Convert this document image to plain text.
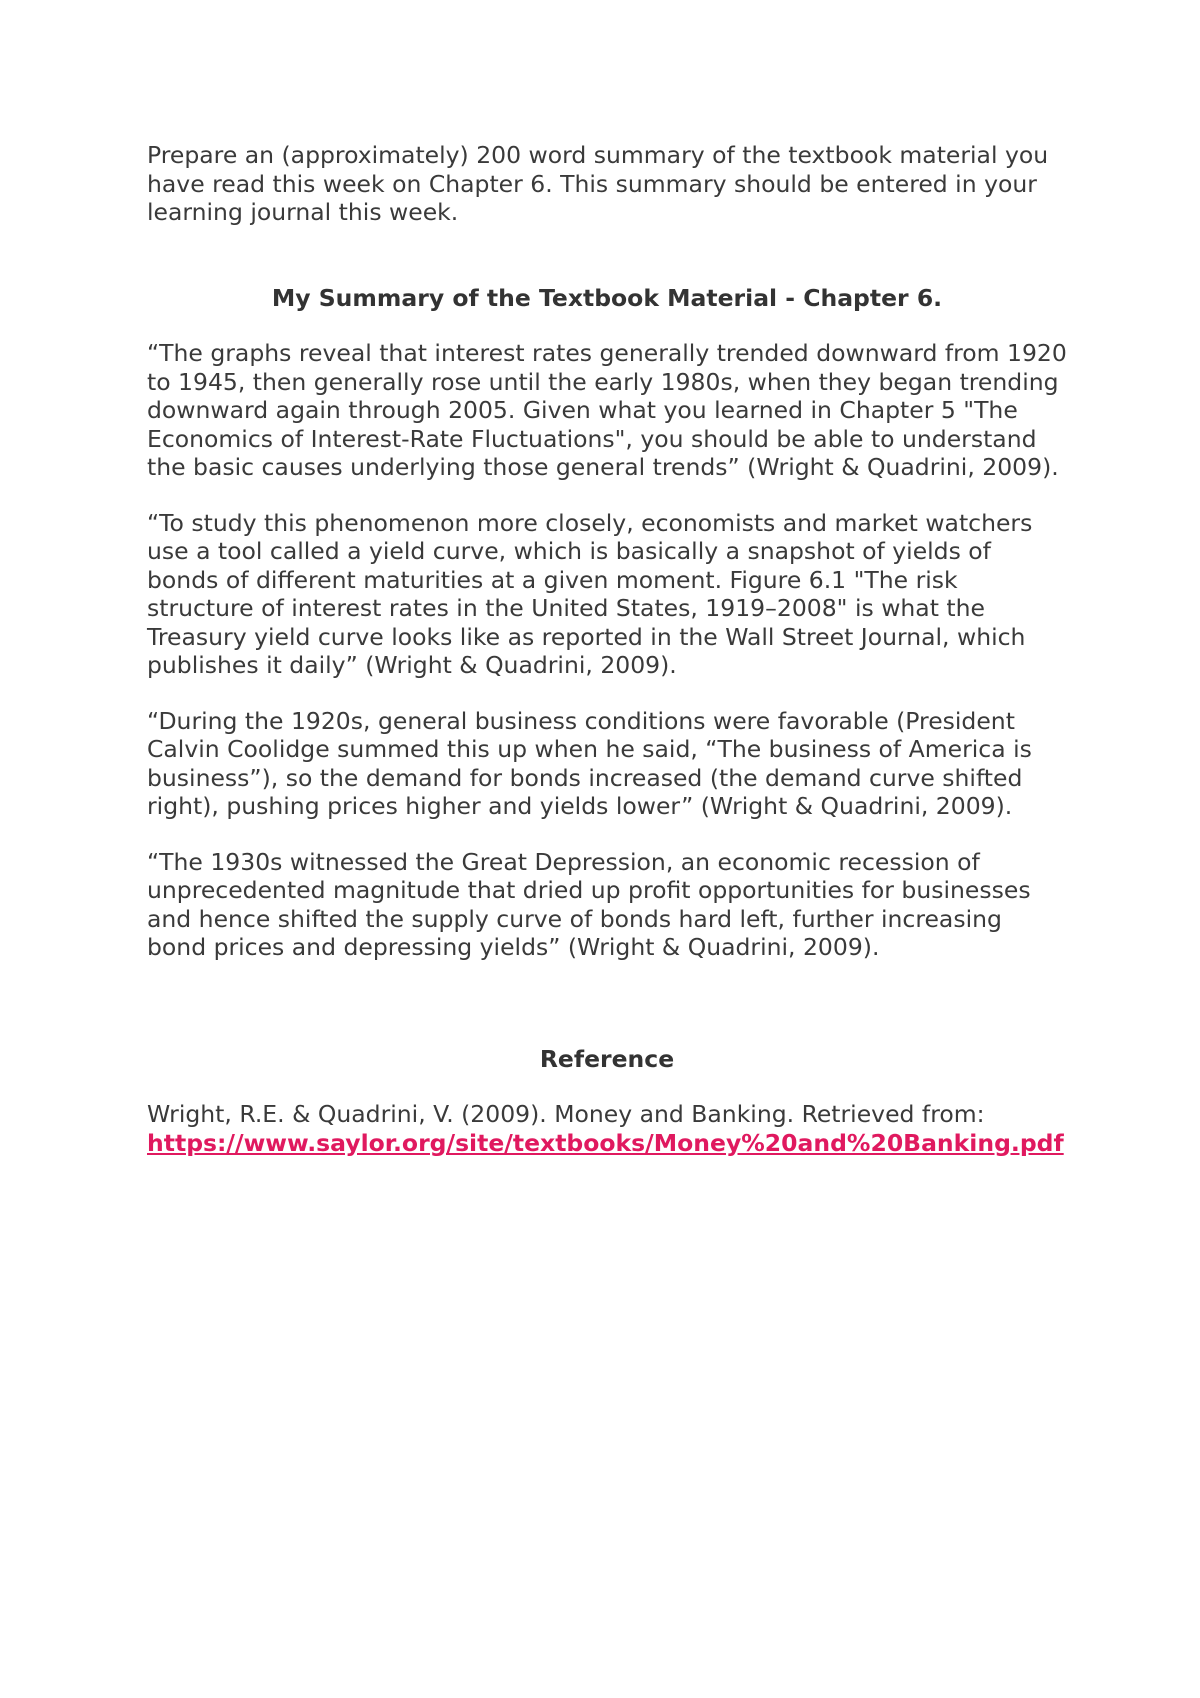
Prepare an (approximately) 200 word summary of the textbook material you have read this week on Chapter 6. This summary should be entered in your learning journal this week.

My Summary of the Textbook Material - Chapter 6.

“The graphs reveal that interest rates generally trended downward from 1920 to 1945, then generally rose until the early 1980s, when they began trending downward again through 2005. Given what you learned in Chapter 5 "The Economics of Interest-Rate Fluctuations", you should be able to understand the basic causes underlying those general trends” (Wright & Quadrini, 2009).

“To study this phenomenon more closely, economists and market watchers use a tool called a yield curve, which is basically a snapshot of yields of bonds of different maturities at a given moment. Figure 6.1 "The risk structure of interest rates in the United States, 1919–2008" is what the Treasury yield curve looks like as reported in the Wall Street Journal, which publishes it daily” (Wright & Quadrini, 2009).

“During the 1920s, general business conditions were favorable (President Calvin Coolidge summed this up when he said, “The business of America is business”), so the demand for bonds increased (the demand curve shifted right), pushing prices higher and yields lower” (Wright & Quadrini, 2009).

“The 1930s witnessed the Great Depression, an economic recession of unprecedented magnitude that dried up profit opportunities for businesses and hence shifted the supply curve of bonds hard left, further increasing bond prices and depressing yields” (Wright & Quadrini, 2009).

Reference

Wright, R.E. & Quadrini, V. (2009). Money and Banking. Retrieved from: https://www.saylor.org/site/textbooks/Money%20and%20Banking.pdf
